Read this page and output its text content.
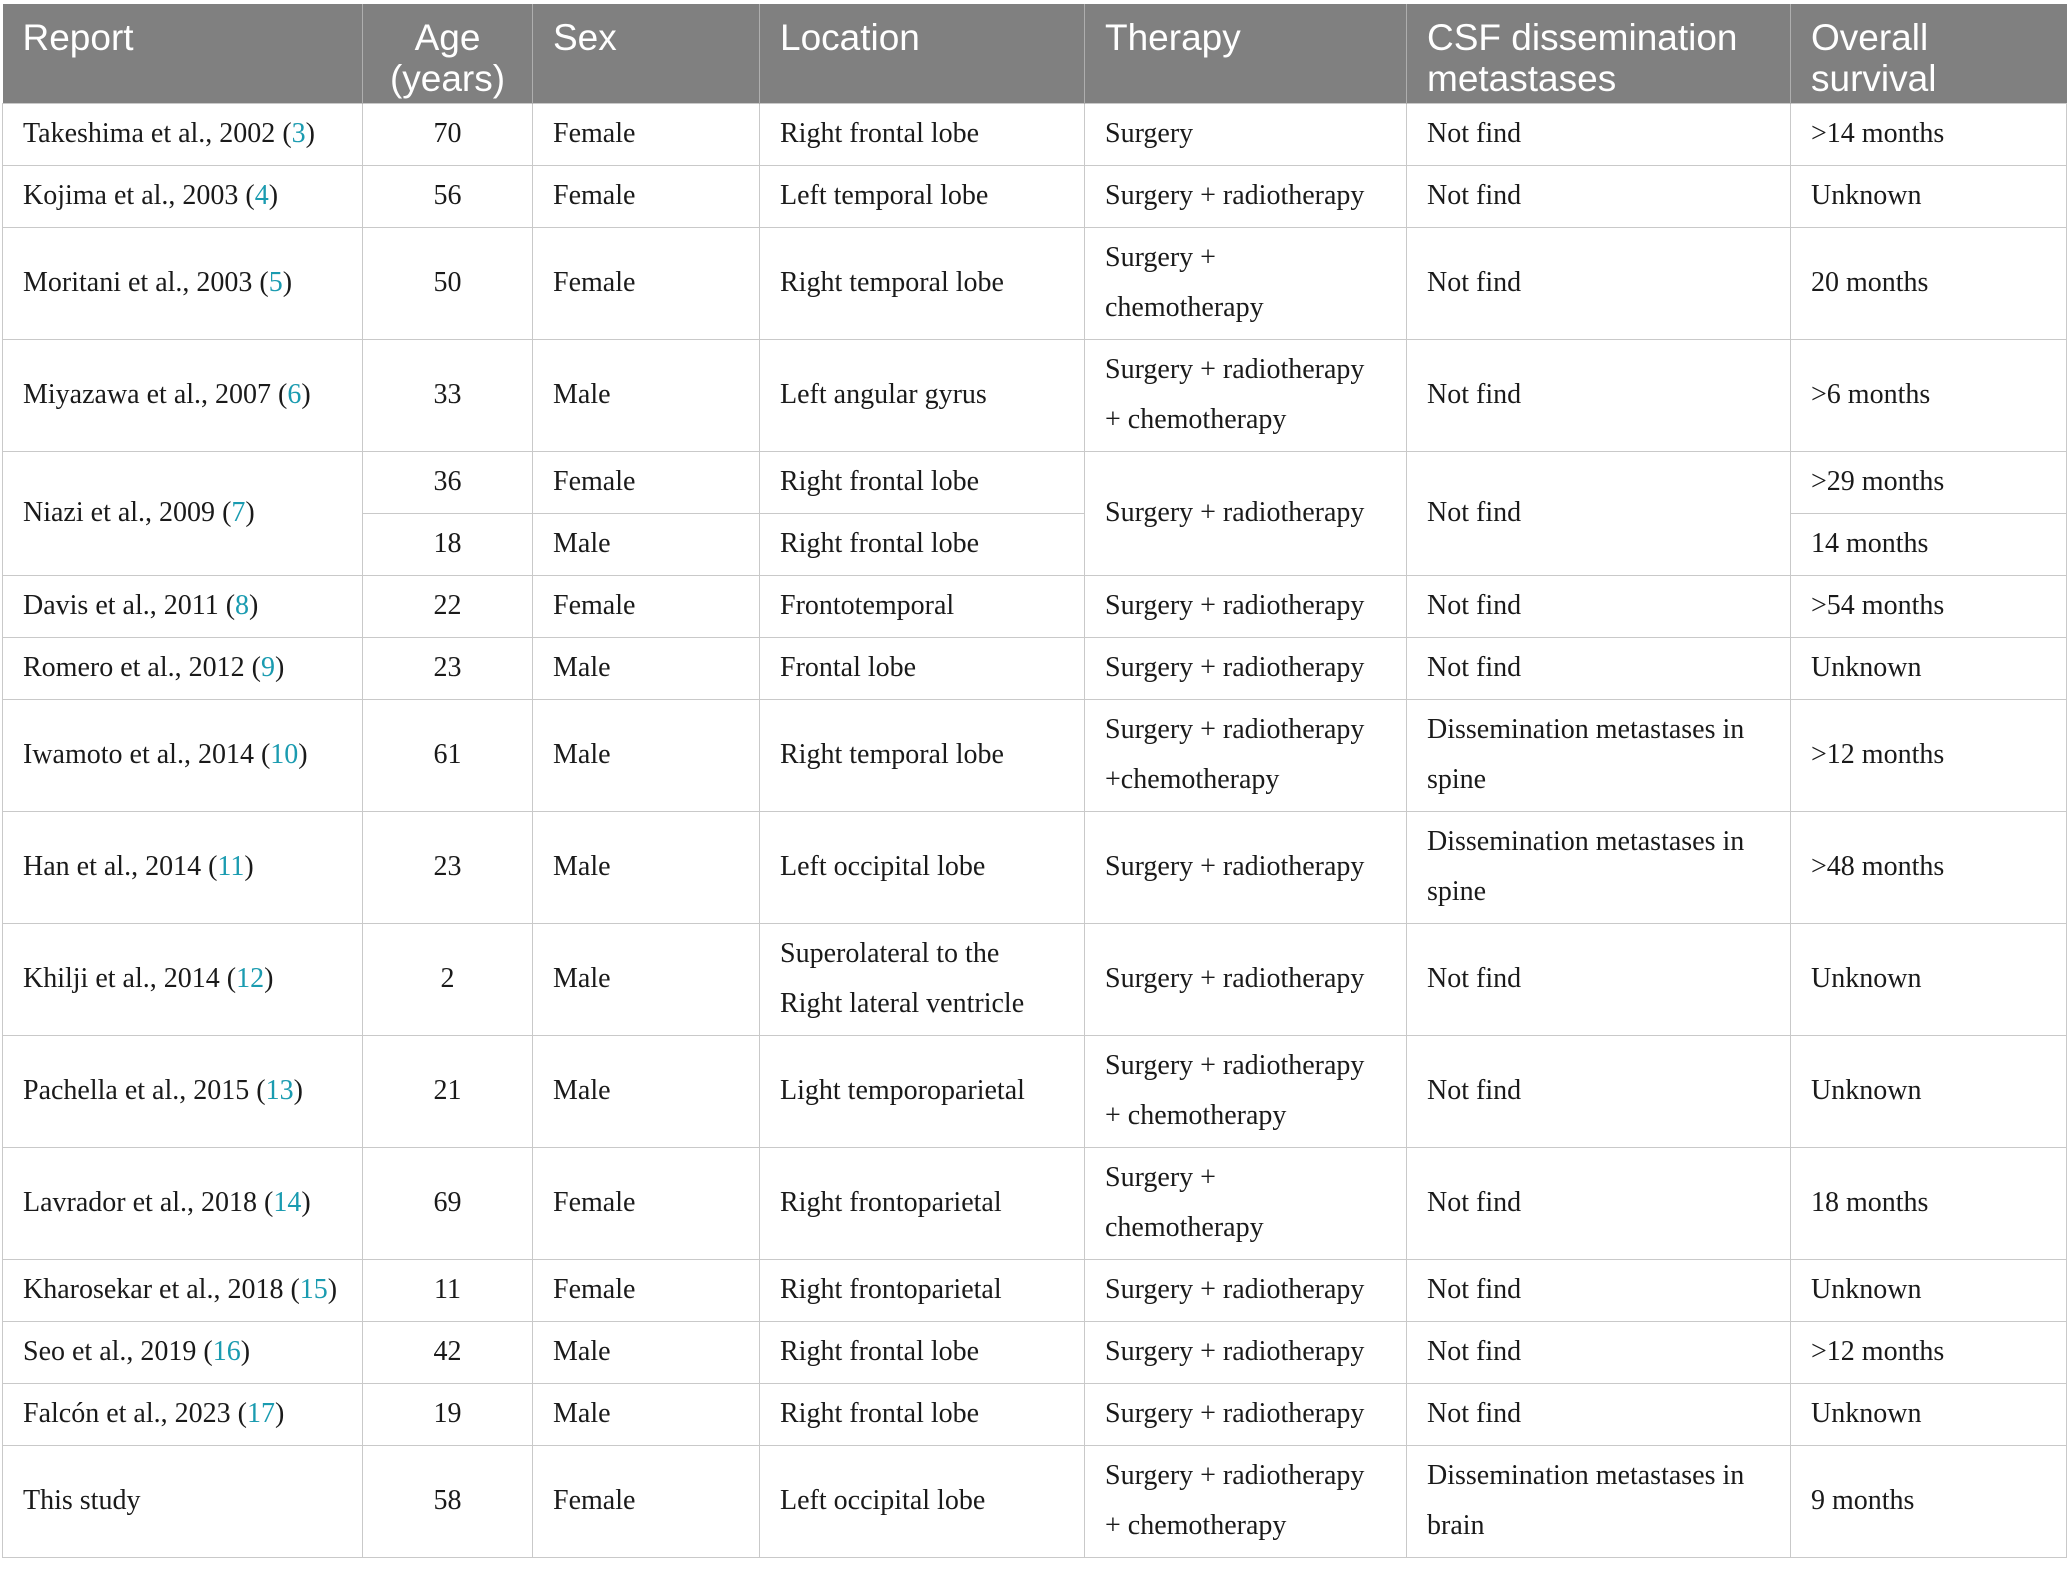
Report	Age (years)	Sex	Location	Therapy	CSF dissemination metastases	Overall survival
Takeshima et al., 2002 (3)	70	Female	Right frontal lobe	Surgery	Not find	>14 months
Kojima et al., 2003 (4)	56	Female	Left temporal lobe	Surgery + radiotherapy	Not find	Unknown
Moritani et al., 2003 (5)	50	Female	Right temporal lobe	Surgery + chemotherapy	Not find	20 months
Miyazawa et al., 2007 (6)	33	Male	Left angular gyrus	Surgery + radiotherapy + chemotherapy	Not find	>6 months
Niazi et al., 2009 (7)	36	Female	Right frontal lobe	Surgery + radiotherapy	Not find	>29 months
	18	Male	Right frontal lobe			14 months
Davis et al., 2011 (8)	22	Female	Frontotemporal	Surgery + radiotherapy	Not find	>54 months
Romero et al., 2012 (9)	23	Male	Frontal lobe	Surgery + radiotherapy	Not find	Unknown
Iwamoto et al., 2014 (10)	61	Male	Right temporal lobe	Surgery + radiotherapy +chemotherapy	Dissemination metastases in spine	>12 months
Han et al., 2014 (11)	23	Male	Left occipital lobe	Surgery + radiotherapy	Dissemination metastases in spine	>48 months
Khilji et al., 2014 (12)	2	Male	Superolateral to the Right lateral ventricle	Surgery + radiotherapy	Not find	Unknown
Pachella et al., 2015 (13)	21	Male	Light temporoparietal	Surgery + radiotherapy + chemotherapy	Not find	Unknown
Lavrador et al., 2018 (14)	69	Female	Right frontoparietal	Surgery + chemotherapy	Not find	18 months
Kharosekar et al., 2018 (15)	11	Female	Right frontoparietal	Surgery + radiotherapy	Not find	Unknown
Seo et al., 2019 (16)	42	Male	Right frontal lobe	Surgery + radiotherapy	Not find	>12 months
Falcón et al., 2023 (17)	19	Male	Right frontal lobe	Surgery + radiotherapy	Not find	Unknown
This study	58	Female	Left occipital lobe	Surgery + radiotherapy + chemotherapy	Dissemination metastases in brain	9 months
